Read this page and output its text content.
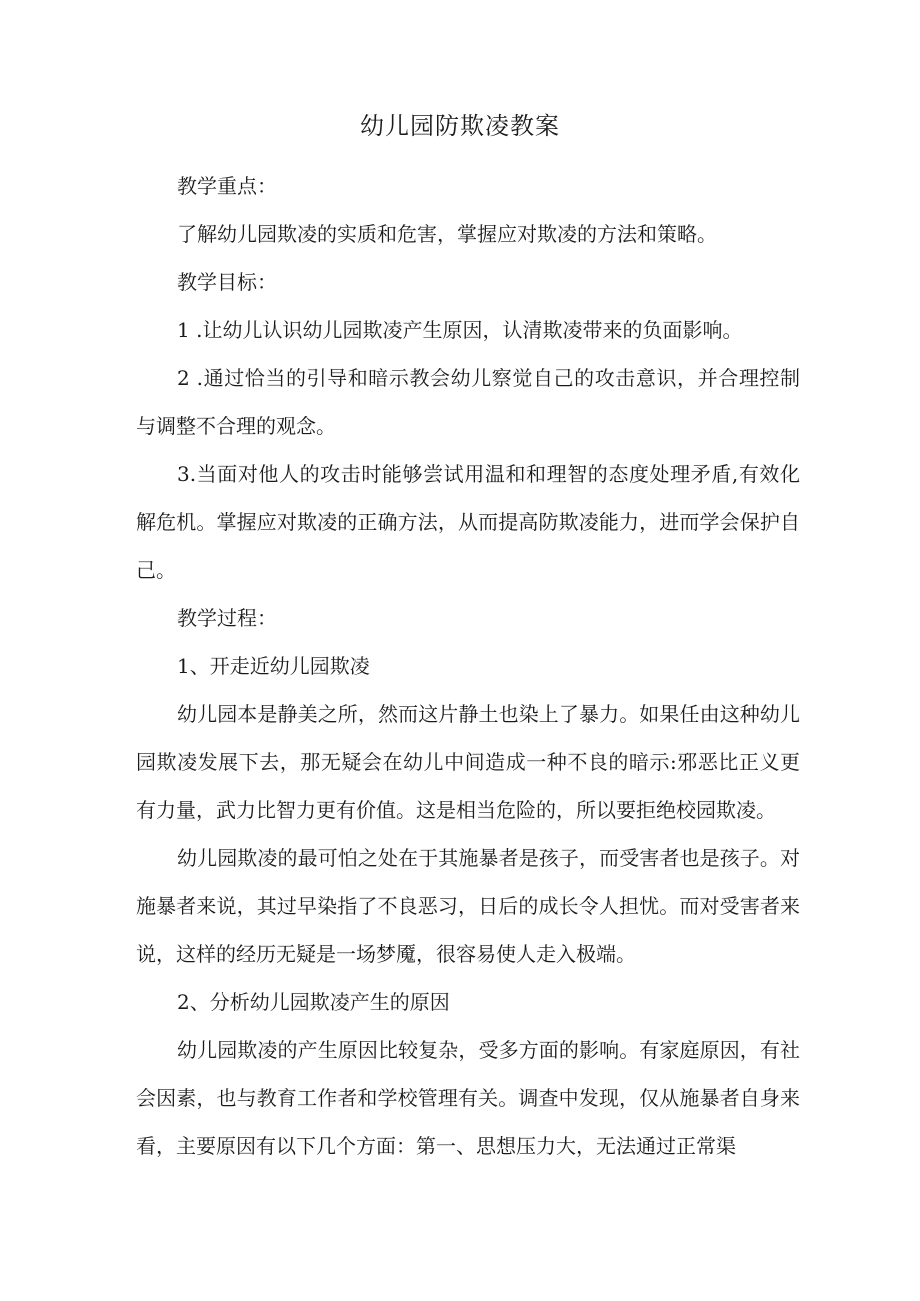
幼儿园防欺凌教案

教学重点：

了解幼儿园欺凌的实质和危害，掌握应对欺凌的方法和策略。

教学目标：

1 .让幼儿认识幼儿园欺凌产生原因，认清欺凌带来的负面影响。

2 .通过恰当的引导和暗示教会幼儿察觉自己的攻击意识，并合理控制与调整不合理的观念。

3.当面对他人的攻击时能够尝试用温和和理智的态度处理矛盾,有效化解危机。掌握应对欺凌的正确方法，从而提高防欺凌能力，进而学会保护自己。

教学过程：

1、开走近幼儿园欺凌

幼儿园本是静美之所，然而这片静土也染上了暴力。如果任由这种幼儿园欺凌发展下去，那无疑会在幼儿中间造成一种不良的暗示:邪恶比正义更有力量，武力比智力更有价值。这是相当危险的，所以要拒绝校园欺凌。

幼儿园欺凌的最可怕之处在于其施暴者是孩子，而受害者也是孩子。对施暴者来说，其过早染指了不良恶习，日后的成长令人担忧。而对受害者来说，这样的经历无疑是一场梦魇，很容易使人走入极端。

2、分析幼儿园欺凌产生的原因

幼儿园欺凌的产生原因比较复杂，受多方面的影响。有家庭原因，有社会因素，也与教育工作者和学校管理有关。调查中发现，仅从施暴者自身来看，主要原因有以下几个方面：第一、思想压力大，无法通过正常渠
